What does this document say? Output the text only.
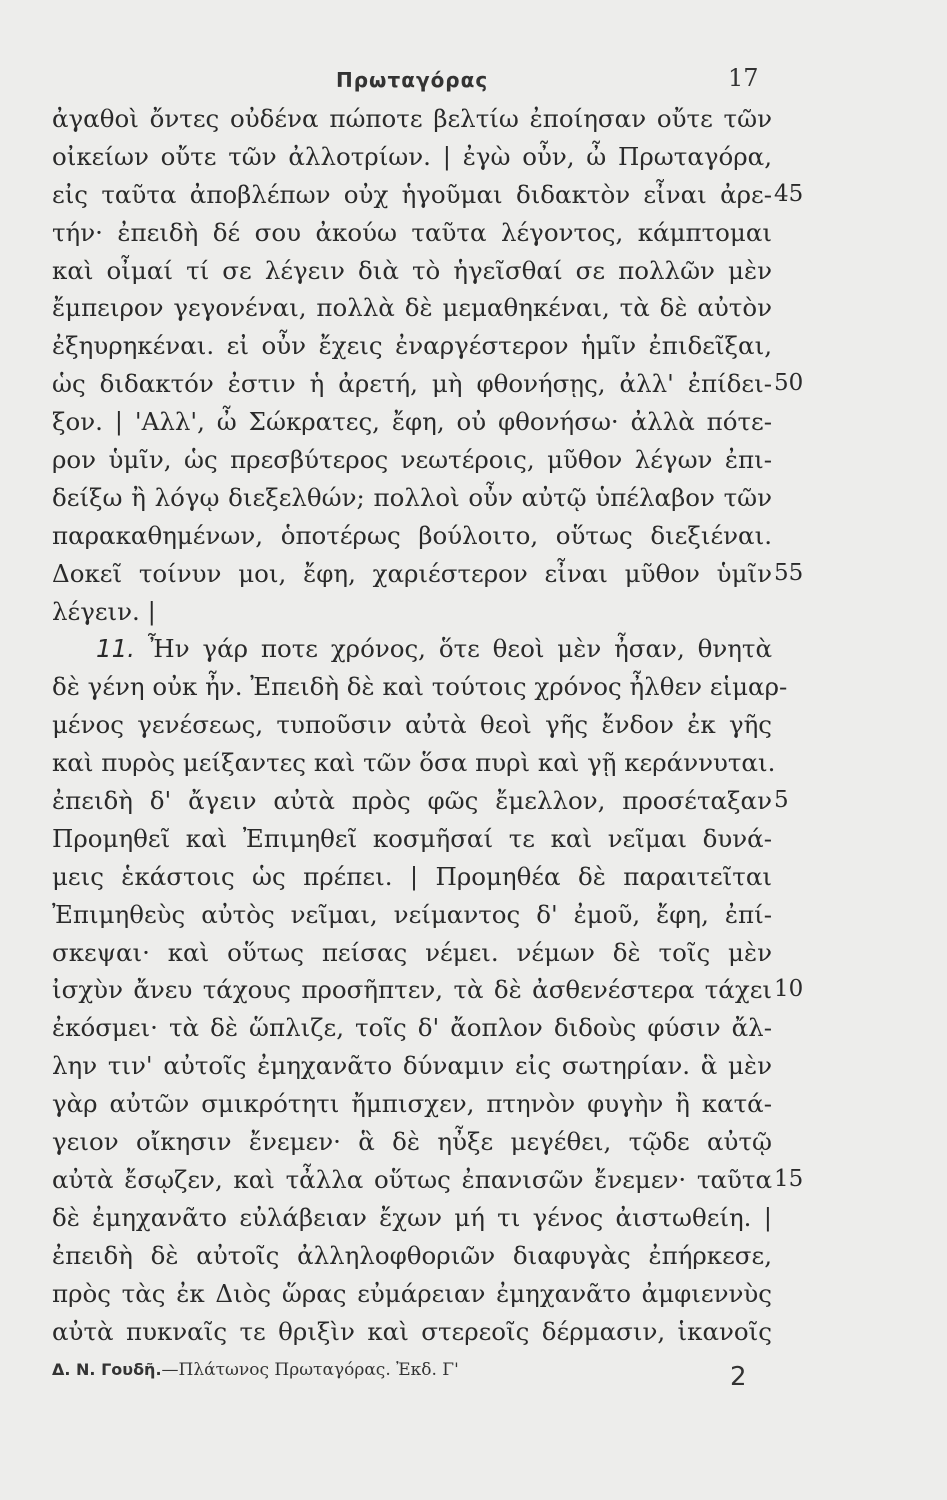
Πρωταγόρας	17
ἀγαθοὶ ὄντες οὐδένα πώποτε βελτίω ἐποίησαν οὔτε τῶν
οἰκείων οὔτε τῶν ἀλλοτρίων. | ἐγὼ οὖν, ὦ Πρωταγόρα,
εἰς ταῦτα ἀποβλέπων οὐχ ἡγοῦμαι διδακτὸν εἶναι ἀρε- 45
τήν· ἐπειδὴ δέ σου ἀκούω ταῦτα λέγοντος, κάμπτομαι
καὶ οἶμαί τί σε λέγειν διὰ τὸ ἡγεῖσθαί σε πολλῶν μὲν
ἔμπειρον γεγονέναι, πολλὰ δὲ μεμαθηκέναι, τὰ δὲ αὐτὸν
ἐξηυρηκέναι. εἰ οὖν ἔχεις ἐναργέστερον ἡμῖν ἐπιδεῖξαι,
ὡς διδακτόν ἐστιν ἡ ἀρετή, μὴ φθονήσῃς, ἀλλ' ἐπίδει- 50
ξον. | 'Αλλ', ὦ Σώκρατες, ἔφη, οὐ φθονήσω· ἀλλὰ πότε-
ρον ὑμῖν, ὡς πρεσβύτερος νεωτέροις, μῦθον λέγων ἐπι-
δείξω ἢ λόγῳ διεξελθών; πολλοὶ οὖν αὐτῷ ὑπέλαβον τῶν
παρακαθημένων, ὁποτέρως βούλοιτο, οὕτως διεξιέναι.
Δοκεῖ τοίνυν μοι, ἔφη, χαριέστερον εἶναι μῦθον ὑμῖν 55
λέγειν. |
11. Ἦν γάρ ποτε χρόνος, ὅτε θεοὶ μὲν ἦσαν, θνητὰ
δὲ γένη οὐκ ἦν. Ἐπειδὴ δὲ καὶ τούτοις χρόνος ἦλθεν εἱμαρ-
μένος γενέσεως, τυποῦσιν αὐτὰ θεοὶ γῆς ἔνδον ἐκ γῆς
καὶ πυρὸς μείξαντες καὶ τῶν ὅσα πυρὶ καὶ γῇ κεράννυται.
ἐπειδὴ δ' ἄγειν αὐτὰ πρὸς φῶς ἔμελλον, προσέταξαν 5
Προμηθεῖ καὶ Ἐπιμηθεῖ κοσμῆσαί τε καὶ νεῖμαι δυνά-
μεις ἑκάστοις ὡς πρέπει. | Προμηθέα δὲ παραιτεῖται
Ἐπιμηθεὺς αὐτὸς νεῖμαι, νείμαντος δ' ἐμοῦ, ἔφη, ἐπί-
σκεψαι· καὶ οὕτως πείσας νέμει. νέμων δὲ τοῖς μὲν
ἰσχὺν ἄνευ τάχους προσῆπτεν, τὰ δὲ ἀσθενέστερα τάχει 10
ἐκόσμει· τὰ δὲ ὥπλιζε, τοῖς δ' ἄοπλον διδοὺς φύσιν ἄλ-
λην τιν' αὐτοῖς ἐμηχανᾶτο δύναμιν εἰς σωτηρίαν. ἃ μὲν
γὰρ αὐτῶν σμικρότητι ἤμπισχεν, πτηνὸν φυγὴν ἢ κατά-
γειον οἴκησιν ἔνεμεν· ἃ δὲ ηὖξε μεγέθει, τῷδε αὐτῷ
αὐτὰ ἔσῳζεν, καὶ τἆλλα οὕτως ἐπανισῶν ἔνεμεν· ταῦτα 15
δὲ ἐμηχανᾶτο εὐλάβειαν ἔχων μή τι γένος ἀιστωθείη. |
ἐπειδὴ δὲ αὐτοῖς ἀλληλοφθοριῶν διαφυγὰς ἐπήρκεσε,
πρὸς τὰς ἐκ Διὸς ὥρας εὐμάρειαν ἐμηχανᾶτο ἀμφιεννὺς
αὐτὰ πυκναῖς τε θριξὶν καὶ στερεοῖς δέρμασιν, ἱκανοῖς
Δ. Ν. Γουδῆ.—Πλάτωνος Πρωταγόρας. Ἐκδ. Γ'	2
